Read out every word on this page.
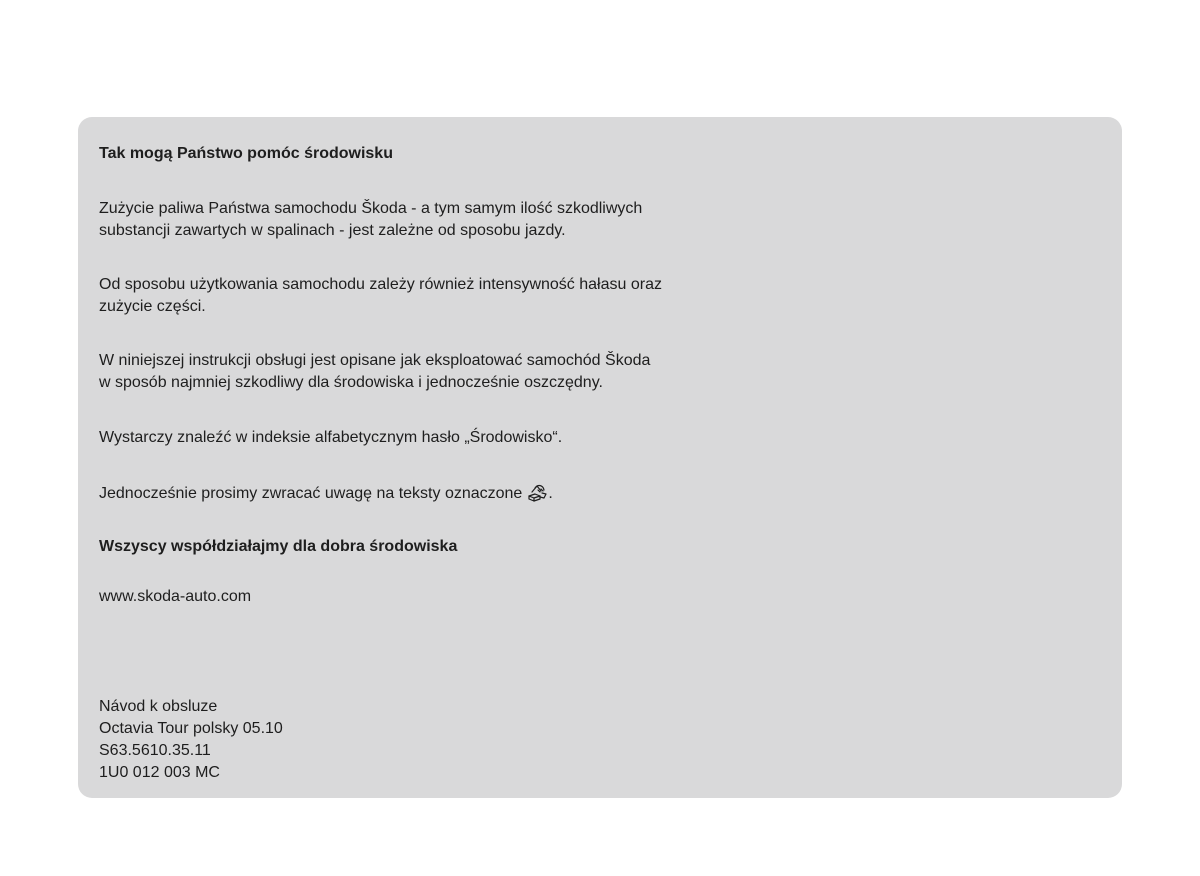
Tak mogą Państwo pomóc środowisku

Zużycie paliwa Państwa samochodu Škoda - a tym samym ilość szkodliwych
substancji zawartych w spalinach - jest zależne od sposobu jazdy.

Od sposobu użytkowania samochodu zależy również intensywność hałasu oraz
zużycie części.

W niniejszej instrukcji obsługi jest opisane jak eksploatować samochód Škoda
w sposób najmniej szkodliwy dla środowiska i jednocześnie oszczędny.

Wystarczy znaleźć w indeksie alfabetycznym hasło „Środowisko“.

Jednocześnie prosimy zwracać uwagę na teksty oznaczone .

Wszyscy współdziałajmy dla dobra środowiska

www.skoda-auto.com

Návod k obsluze
Octavia Tour polsky 05.10
S63.5610.35.11
1U0 012 003 MC
